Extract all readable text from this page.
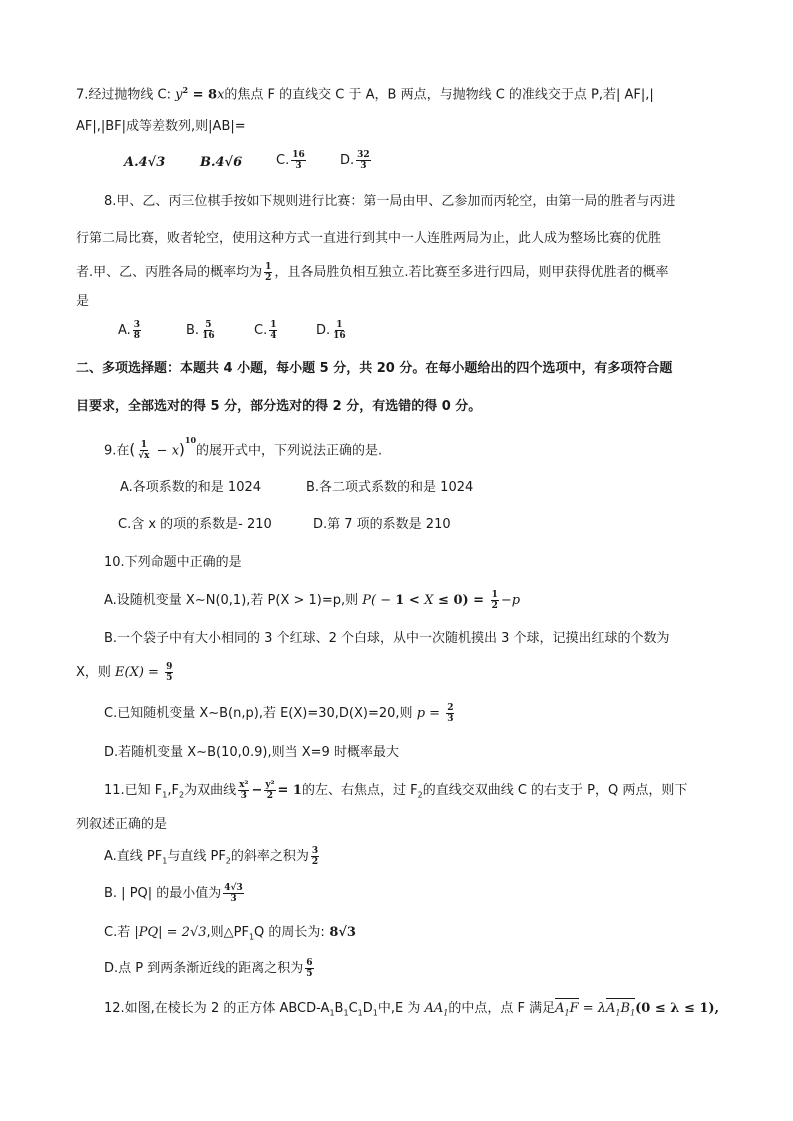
7.经过抛物线 C: $y^2 = 8x$的焦点 F 的直线交 C 于 A，B 两点，与抛物线 C 的准线交于点 P,若| AF|,|
AF|,|BF|成等差数列,则|AB|=
A.4√3	B.4√6	C. $\frac{16}{3}$	D. $\frac{32}{3}$
8.甲、乙、丙三位棋手按如下规则进行比赛：第一局由甲、乙参加而丙轮空，由第一局的胜者与丙进
行第二局比赛，败者轮空，使用这种方式一直进行到其中一人连胜两局为止，此人成为整场比赛的优胜
者.甲、乙、丙胜各局的概率均为 $\frac{1}{2}$ ，且各局胜负相互独立.若比赛至多进行四局，则甲获得优胜者的概率
是
A. $\frac{3}{8}$	B. $\frac{5}{16}$	C. $\frac{1}{4}$	D. $\frac{1}{16}$
二、多项选择题：本题共 4 小题，每小题 5 分，共 20 分。在每小题给出的四个选项中，有多项符合题
目要求，全部选对的得 5 分，部分选对的得 2 分，有选错的得 0 分。
9.在( $\frac{1}{√x} - x)^{10}$的展开式中，下列说法正确的是.
A.各项系数的和是 1024	B.各二项式系数的和是 1024
C.含 x 的项的系数是- 210	D.第 7 项的系数是 210
10.下列命题中正确的是
A.设随机变量 X∼N(0,1),若 P(X > 1)=p,则 $P( - 1 < X \le 0) = \frac{1}{2} -p$
B.一个袋子中有大小相同的 3 个红球、2 个白球，从中一次随机摸出 3 个球，记摸出红球的个数为
X，则 $E(X) = \frac{9}{5}$
C.已知随机变量 X∼B(n,p),若 E(X)=30,D(X)=20,则 $p = \frac{2}{3}$
D.若随机变量 X∼B(10,0.9),则当 X=9 时概率最大
11.已知 $F_1,F_2$为双曲线 $\frac{\text{x²}}{3} - \frac{\text{y²}}{2} = 1$的左、右焦点，过 $F_2$的直线交双曲线 C 的右支于 P，Q 两点，则下
列叙述正确的是
A.直线 $PF_1$与直线 $PF_2$的斜率之积为 $\frac{3}{2}$
B. | PQ| 的最小值为 $\frac{4√3}{3}$
C.若 |PQ| = 2√3,则$\triangle PF_1Q$ 的周长为: 8√3
D.点 P 到两条渐近线的距离之积为 $\frac{6}{5}$
12.如图,在棱长为 2 的正方体 ABCD-$A_1B_1C_1D_1$中,E 为 $AA_1$的中点，点 F 满足$A_1F = \lambda A_1B_1(0 \le \lambda \le 1)$,
